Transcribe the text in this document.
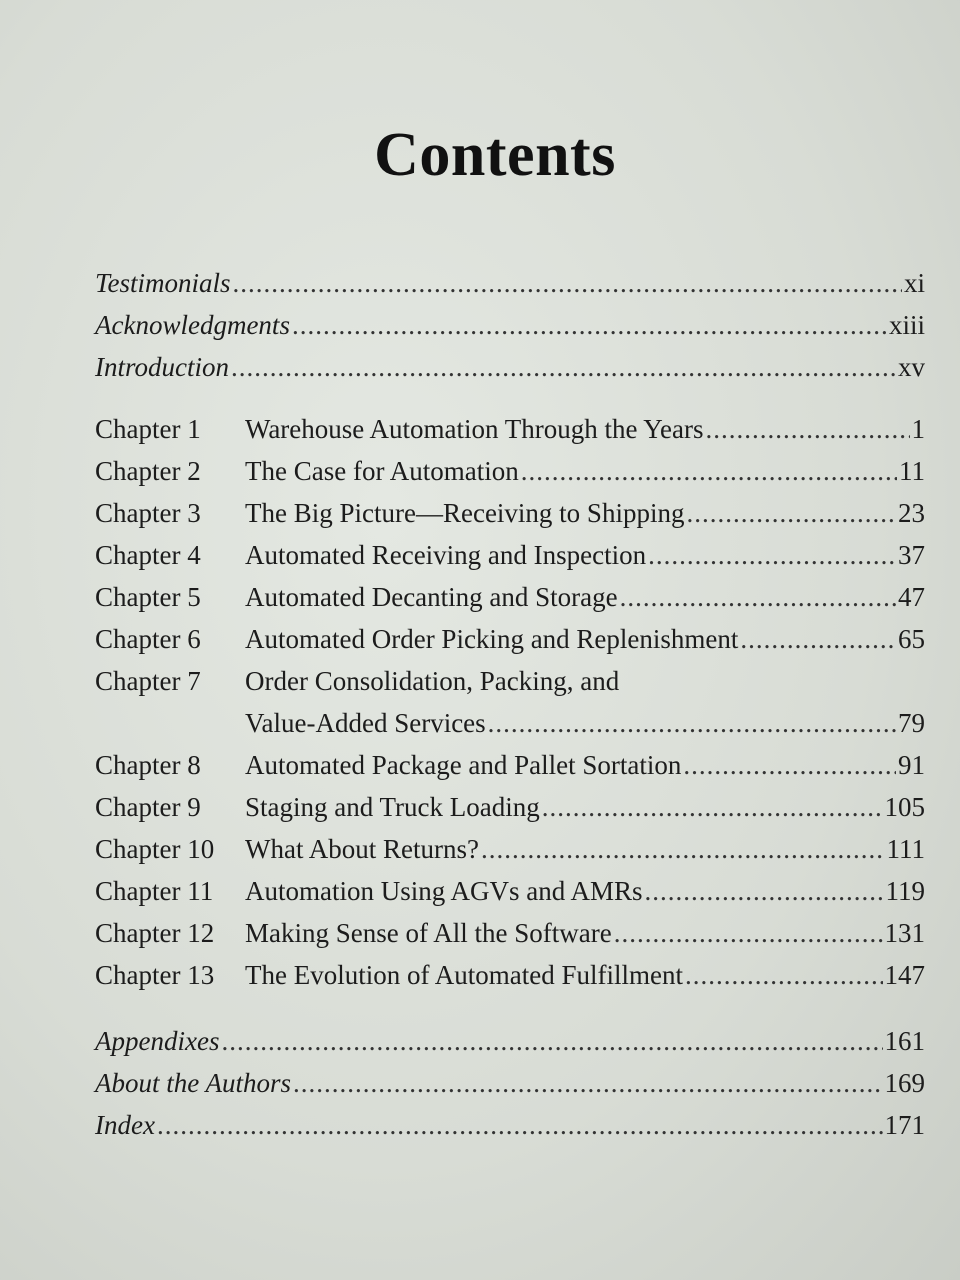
Contents
Testimonials .....	xi
Acknowledgments .....	xiii
Introduction .....	xv
Chapter 1	Warehouse Automation Through the Years .....	1
Chapter 2	The Case for Automation .....	11
Chapter 3	The Big Picture—Receiving to Shipping .....	23
Chapter 4	Automated Receiving and Inspection .....	37
Chapter 5	Automated Decanting and Storage .....	47
Chapter 6	Automated Order Picking and Replenishment .....	65
Chapter 7	Order Consolidation, Packing, and
Value-Added Services .....	79
Chapter 8	Automated Package and Pallet Sortation .....	91
Chapter 9	Staging and Truck Loading .....	105
Chapter 10	What About Returns? .....	111
Chapter 11	Automation Using AGVs and AMRs .....	119
Chapter 12	Making Sense of All the Software .....	131
Chapter 13	The Evolution of Automated Fulfillment .....	147
Appendixes .....	161
About the Authors .....	169
Index .....	171
